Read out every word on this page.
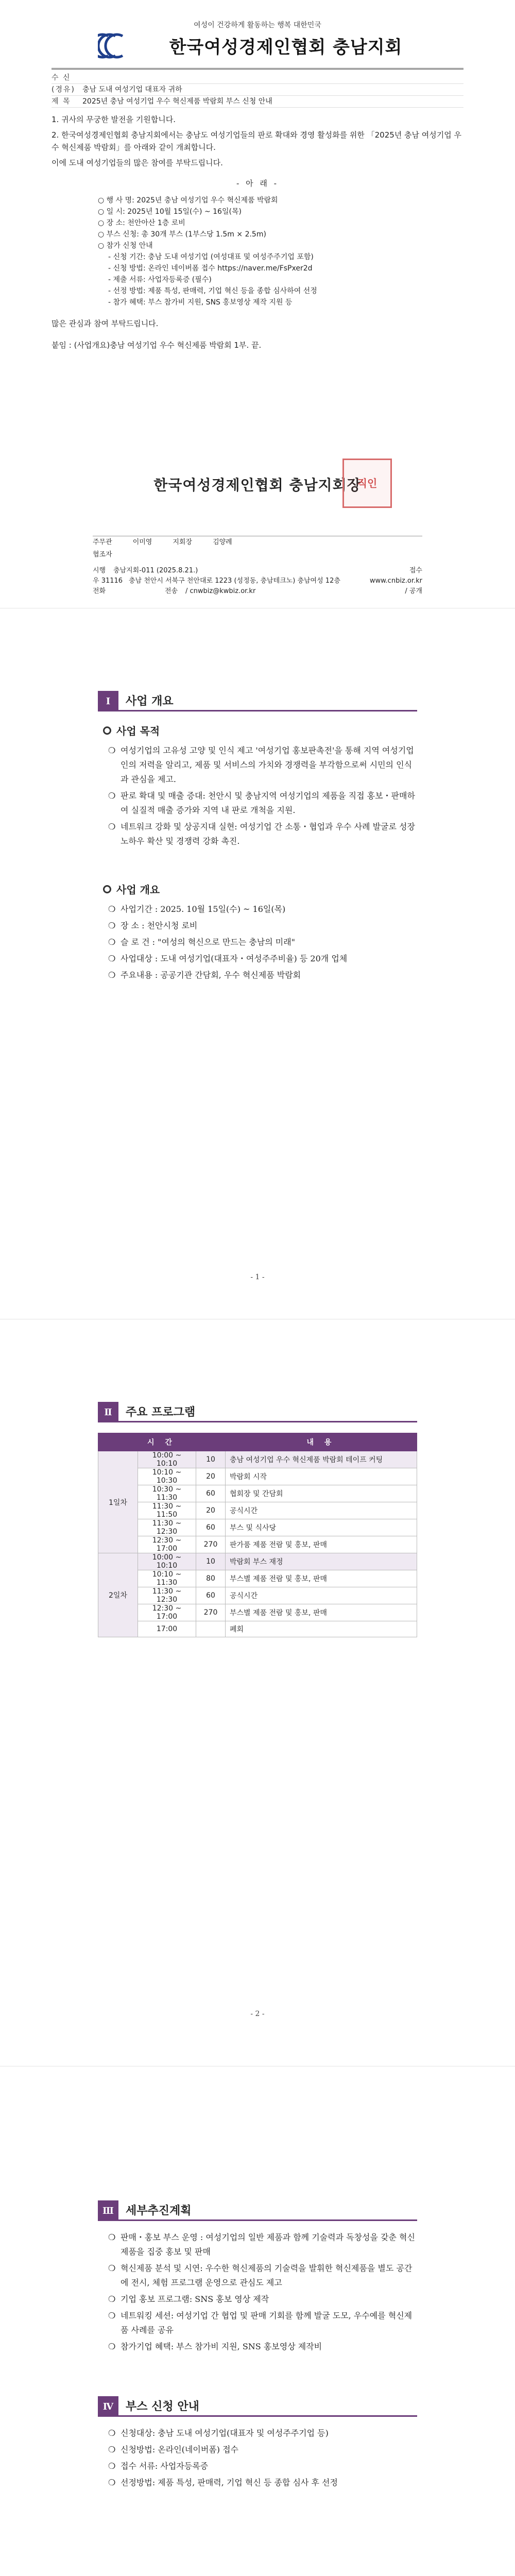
여성이 건강하게 활동하는 행복 대한민국
한국여성경제인협회 충남지회
수 신
(경유)	충남 도내 여성기업 대표자 귀하
제 목	2025년 충남 여성기업 우수 혁신제품 박람회 부스 신청 안내

1. 귀사의 무궁한 발전을 기원합니다.

2. 한국여성경제인협회 충남지회에서는 충남도 여성기업들의 판로 확대와 경영 활성화를 위한 「2025년 충남 여성기업 우수 혁신제품 박람회」를 아래와 같이 개최합니다.

이에 도내 여성기업들의 많은 참여를 부탁드립니다.

- 아 래 -
○ 행 사 명: 2025년 충남 여성기업 우수 혁신제품 박람회
○ 일 시: 2025년 10월 15일(수) ~ 16일(목)
○ 장 소: 천안아산 1층 로비
○ 부스 신청: 총 30개 부스 (1부스당 1.5m × 2.5m)
○ 참가 신청 안내
- 신청 기간: 충남 도내 여성기업 (여성대표 및 여성주주기업 포함)
- 신청 방법: 온라인 네이버폼 접수 https://naver.me/FsPxer2d
- 제출 서류: 사업자등록증 (필수)
- 선정 방법: 제품 특성, 판매력, 기업 혁신 등을 종합 심사하여 선정
- 참가 혜택: 부스 참가비 지원, SNS 홍보영상 제작 지원 등

많은 관심과 참여 부탁드립니다.

붙임 : (사업개요)충남 여성기업 우수 혁신제품 박람회 1부. 끝.

한국여성경제인협회 충남지회장
직인
주무관	이미영	지회장	김양례
협조자
시행	충남지회-011 (2025.8.21.)	접수
우 31116 충남 천안시 서북구 천안대로 1223 (성정동, 충남테크노) 충남여성 12층	www.cnbiz.or.kr
전화	전송	/ cnwbiz@kwbiz.or.kr	/ 공개
Ⅰ	사업 개요
사업 목적
❍ 여성기업의 고유성 고양 및 인식 제고 '여성기업 홍보판촉전'을 통해 지역 여성기업인의 저력을 알리고, 제품 및 서비스의 가치와 경쟁력을 부각함으로써 시민의 인식과 관심을 제고.
❍ 판로 확대 및 매출 증대: 천안시 및 충남지역 여성기업의 제품을 직접 홍보・판매하여 실질적 매출 증가와 지역 내 판로 개척을 지원.
❍ 네트워크 강화 및 상공지대 실현: 여성기업 간 소통・협업과 우수 사례 발굴로 성장 노하우 확산 및 경쟁력 강화 촉진.
사업 개요
❍ 사업기간 : 2025. 10월 15일(수) ~ 16일(목)
❍ 장 소 : 천안시청 로비
❍ 슬 로 건 : "여성의 혁신으로 만드는 충남의 미래"
❍ 사업대상 : 도내 여성기업(대표자・여성주주비율) 등 20개 업체
❍ 주요내용 : 공공기관 간담회, 우수 혁신제품 박람회
- 1 -
Ⅱ	주요 프로그램
시 간			내 용
1일차	10:00 ~ 10:10	10	충남 여성기업 우수 혁신제품 박람회 테이프 커팅
	10:10 ~ 10:30	20	박람회 시작
	10:30 ~ 11:30	60	협회장 및 간담회
	11:30 ~ 11:50	20	공식시간
	11:30 ~ 12:30	60	부스 및 식사당
	12:30 ~ 17:00	270	판가품 제품 전람 및 홍보, 판매
2일차	10:00 ~ 10:10	10	박람회 부스 재정
	10:10 ~ 11:30	80	부스별 제품 전람 및 홍보, 판매
	11:30 ~ 12:30	60	공식시간
	12:30 ~ 17:00	270	부스별 제품 전람 및 홍보, 판매
	17:00		폐회
- 2 -
Ⅲ	세부추진계획
❍ 판매・홍보 부스 운영 : 여성기업의 일반 제품과 함께 기술력과 독창성을 갖춘 혁신제품을 집중 홍보 및 판매
❍ 혁신제품 분석 및 시연: 우수한 혁신제품의 기술력을 발휘한 혁신제품을 별도 공간에 전시, 체험 프로그램 운영으로 관심도 제고
❍ 기업 홍보 프로그램: SNS 홍보 영상 제작
❍ 네트워킹 세션: 여성기업 간 협업 및 판매 기회를 함께 발굴 도모, 우수예를 혁신제품 사례를 공유
❍ 참가기업 혜택: 부스 참가비 지원, SNS 홍보영상 제작비
Ⅳ	부스 신청 안내
❍ 신청대상: 충남 도내 여성기업(대표자 및 여성주주기업 등)
❍ 신청방법: 온라인(네이버폼) 접수
❍ 접수 서류: 사업자등록증
❍ 선정방법: 제품 특성, 판매력, 기업 혁신 등 종합 심사 후 선정
